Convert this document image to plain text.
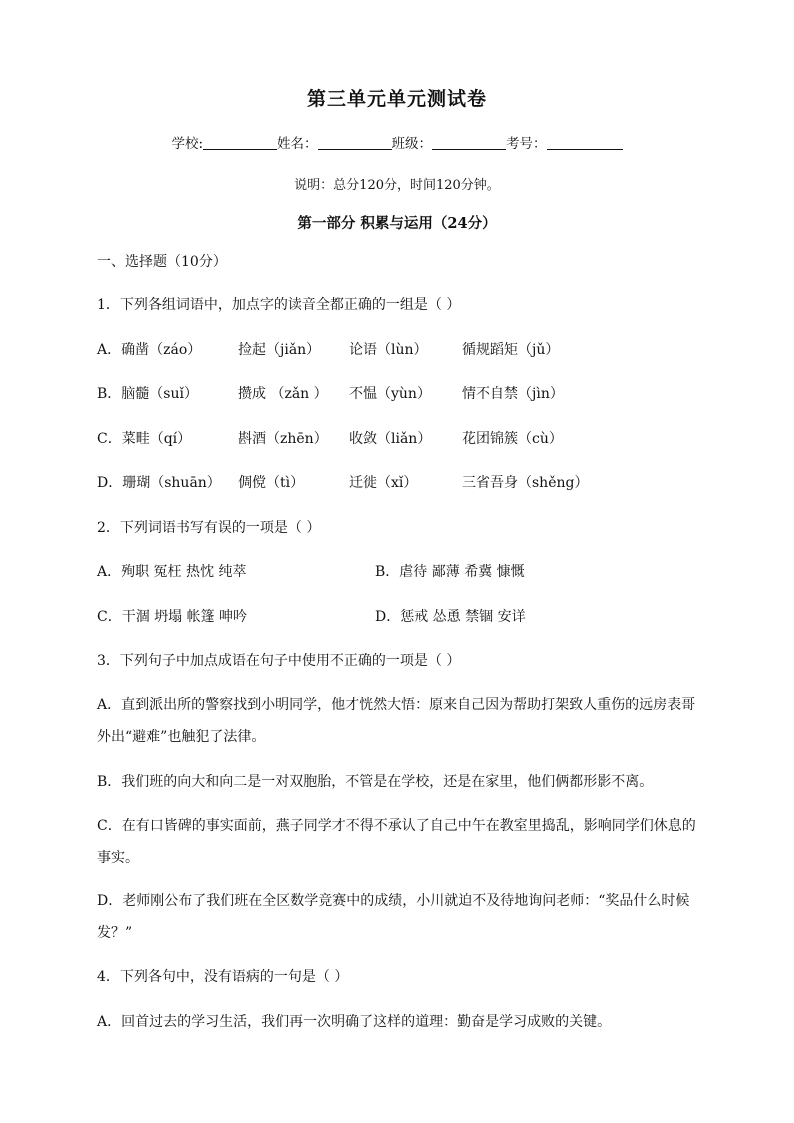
第三单元单元测试卷
学校:	姓名：	班级：	考号：
说明：总分120分，时间120分钟。
第一部分 积累与运用（24分）
一、选择题（10分）
1．下列各组词语中，加点字的读音全都正确的一组是（ ）
A．确凿（záo）	捡起（jiǎn） 论语（lùn） 循规蹈矩（jǔ）
B．脑髓（suǐ）	攒成 （zǎn ） 不愠（yùn） 情不自禁（jìn）
C．菜畦（qí）	斟酒（zhēn） 收敛（liǎn） 花团锦簇（cù）
D．珊瑚（shuān） 倜傥（tì）	迁徙（xǐ）	三省吾身（shěng）
2．下列词语书写有误的一项是（ ）
A．殉职 冤枉 热忱 纯萃	B．虐待 鄙薄 希冀 慷慨
C．干涸 坍塌 帐篷 呻吟	D．惩戒 怂恿 禁锢 安详
3．下列句子中加点成语在句子中使用不正确的一项是（ ）
A．直到派出所的警察找到小明同学，他才恍然大悟：原来自己因为帮助打架致人重伤的远房表哥
外出“避难”也触犯了法律。
B．我们班的向大和向二是一对双胞胎，不管是在学校，还是在家里，他们俩都形影不离。
C．在有口皆碑的事实面前，燕子同学才不得不承认了自己中午在教室里捣乱，影响同学们休息的
事实。
D．老师刚公布了我们班在全区数学竞赛中的成绩，小川就迫不及待地询问老师：“奖品什么时候
发？”
4．下列各句中，没有语病的一句是（ ）
A．回首过去的学习生活，我们再一次明确了这样的道理：勤奋是学习成败的关键。
